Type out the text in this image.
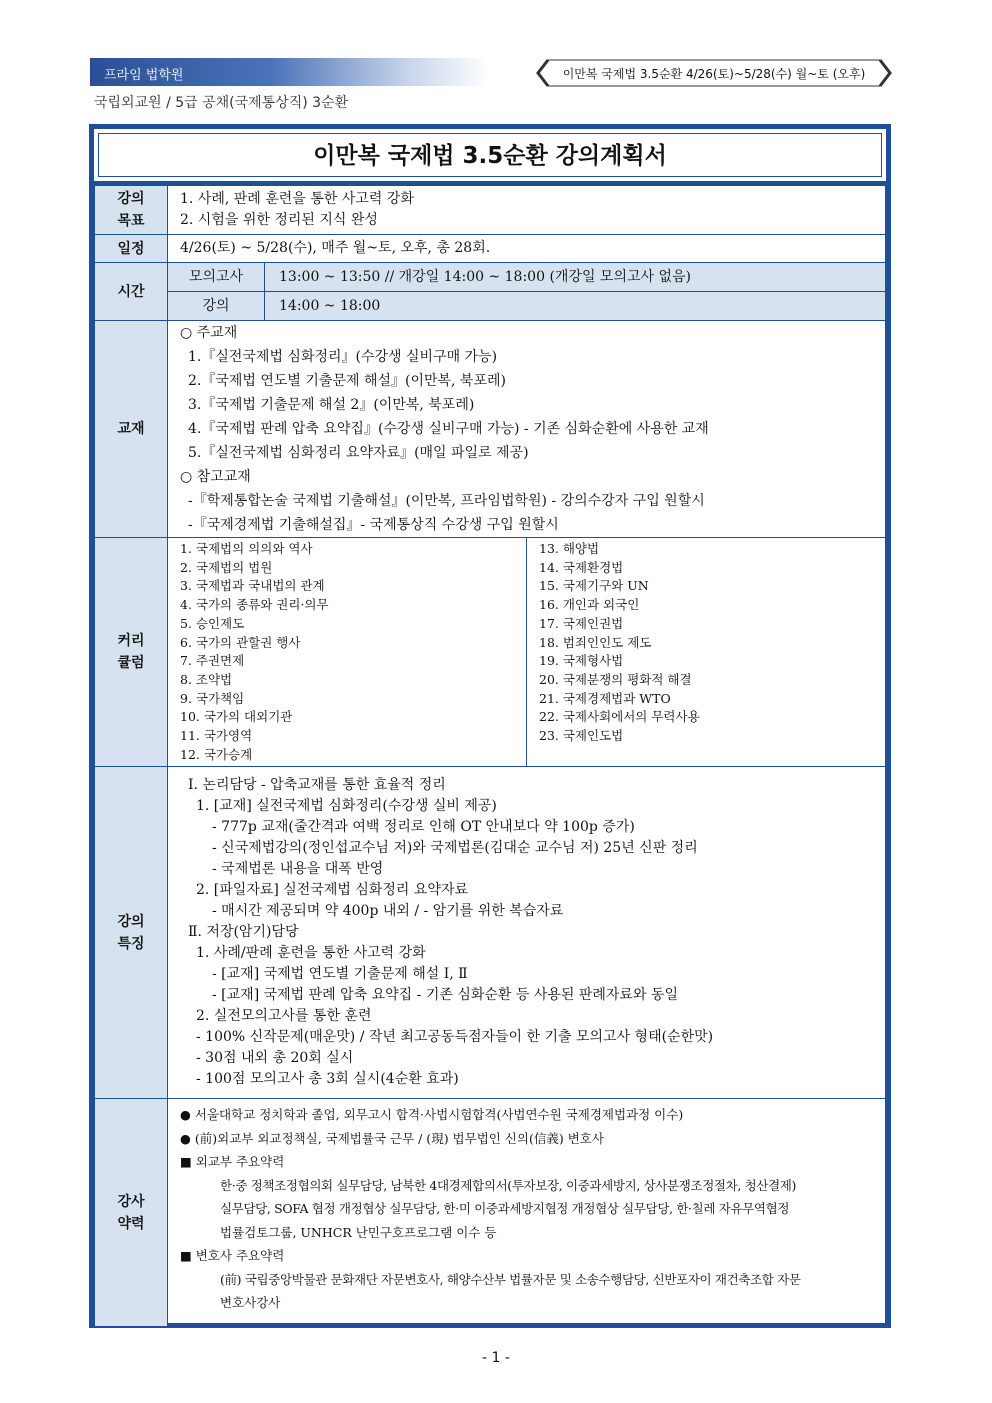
프라임 법학원	이만복 국제법 3.5순환 4/26(토)~5/28(수) 월~토 (오후)
국립외교원 / 5급 공채(국제통상직) 3순환
이만복 국제법 3.5순환 강의계획서
강의
목표

1. 사례, 판례 훈련을 통한 사고력 강화
2. 시험을 위한 정리된 지식 완성

일정	4/26(토) ~ 5/28(수), 매주 월~토, 오후, 총 28회.
시간	
모의고사	13:00 ~ 13:50 // 개강일 14:00 ~ 18:00 (개강일 모의고사 없음)
강의	14:00 ~ 18:00

교재	
○ 주교재
1.『실전국제법 심화정리』(수강생 실비구매 가능)
2.『국제법 연도별 기출문제 해설』(이만복, 북포레)
3.『국제법 기출문제 해설 2』(이만복, 북포레)
4.『국제법 판례 압축 요약집』(수강생 실비구매 가능) - 기존 심화순환에 사용한 교재
5.『실전국제법 심화정리 요약자료』(매일 파일로 제공)
○ 참고교재
-『학제통합논술 국제법 기출해설』(이만복, 프라임법학원) - 강의수강자 구입 원할시
-『국제경제법 기출해설집』- 국제통상직 수강생 구입 원할시

커리
큘럼

1. 국제법의 의의와 역사
2. 국제법의 법원
3. 국제법과 국내법의 관계
4. 국가의 종류와 권리·의무
5. 승인제도
6. 국가의 관할권 행사
7. 주권면제
8. 조약법
9. 국가책임
10. 국가의 대외기관
11. 국가영역
12. 국가승계

13. 해양법
14. 국제환경법
15. 국제기구와 UN
16. 개인과 외국인
17. 국제인권법
18. 범죄인인도 제도
19. 국제형사법
20. 국제분쟁의 평화적 해결
21. 국제경제법과 WTO
22. 국제사회에서의 무력사용
23. 국제인도법

강의
특징

Ⅰ. 논리담당 - 압축교재를 통한 효율적 정리
1. [교재] 실전국제법 심화정리(수강생 실비 제공)
- 777p 교재(줄간격과 여백 정리로 인해 OT 안내보다 약 100p 증가)
- 신국제법강의(정인섭교수님 저)와 국제법론(김대순 교수님 저) 25년 신판 정리
- 국제법론 내용을 대폭 반영
2. [파일자료] 실전국제법 심화정리 요약자료
- 매시간 제공되며 약 400p 내외 / - 암기를 위한 복습자료
Ⅱ. 저장(암기)담당
1. 사례/판례 훈련을 통한 사고력 강화
- [교재] 국제법 연도별 기출문제 해설 Ⅰ, Ⅱ
- [교재] 국제법 판례 압축 요약집 - 기존 심화순환 등 사용된 판례자료와 동일
2. 실전모의고사를 통한 훈련
- 100% 신작문제(매운맛) / 작년 최고공동득점자들이 한 기출 모의고사 형태(순한맛)
- 30점 내외 총 20회 실시
- 100점 모의고사 총 3회 실시(4순환 효과)

강사
약력

● 서울대학교 정치학과 졸업, 외무고시 합격·사법시험합격(사법연수원 국제경제법과정 이수)
● (前)외교부 외교정책실, 국제법률국 근무 / (現) 법무법인 신의(信義) 변호사
■ 외교부 주요약력
한·중 정책조정협의회 실무담당, 남북한 4대경제합의서(투자보장, 이중과세방지, 상사분쟁조정절차, 청산결제)
실무담당, SOFA 협정 개정협상 실무담당, 한·미 이중과세방지협정 개정협상 실무담당, 한·칠레 자유무역협정
법률검토그룹, UNHCR 난민구호프로그램 이수 등
■ 변호사 주요약력
(前) 국립중앙박물관 문화재단 자문변호사, 해양수산부 법률자문 및 소송수행담당, 신반포자이 재건축조합 자문
변호사강사
- 1 -
